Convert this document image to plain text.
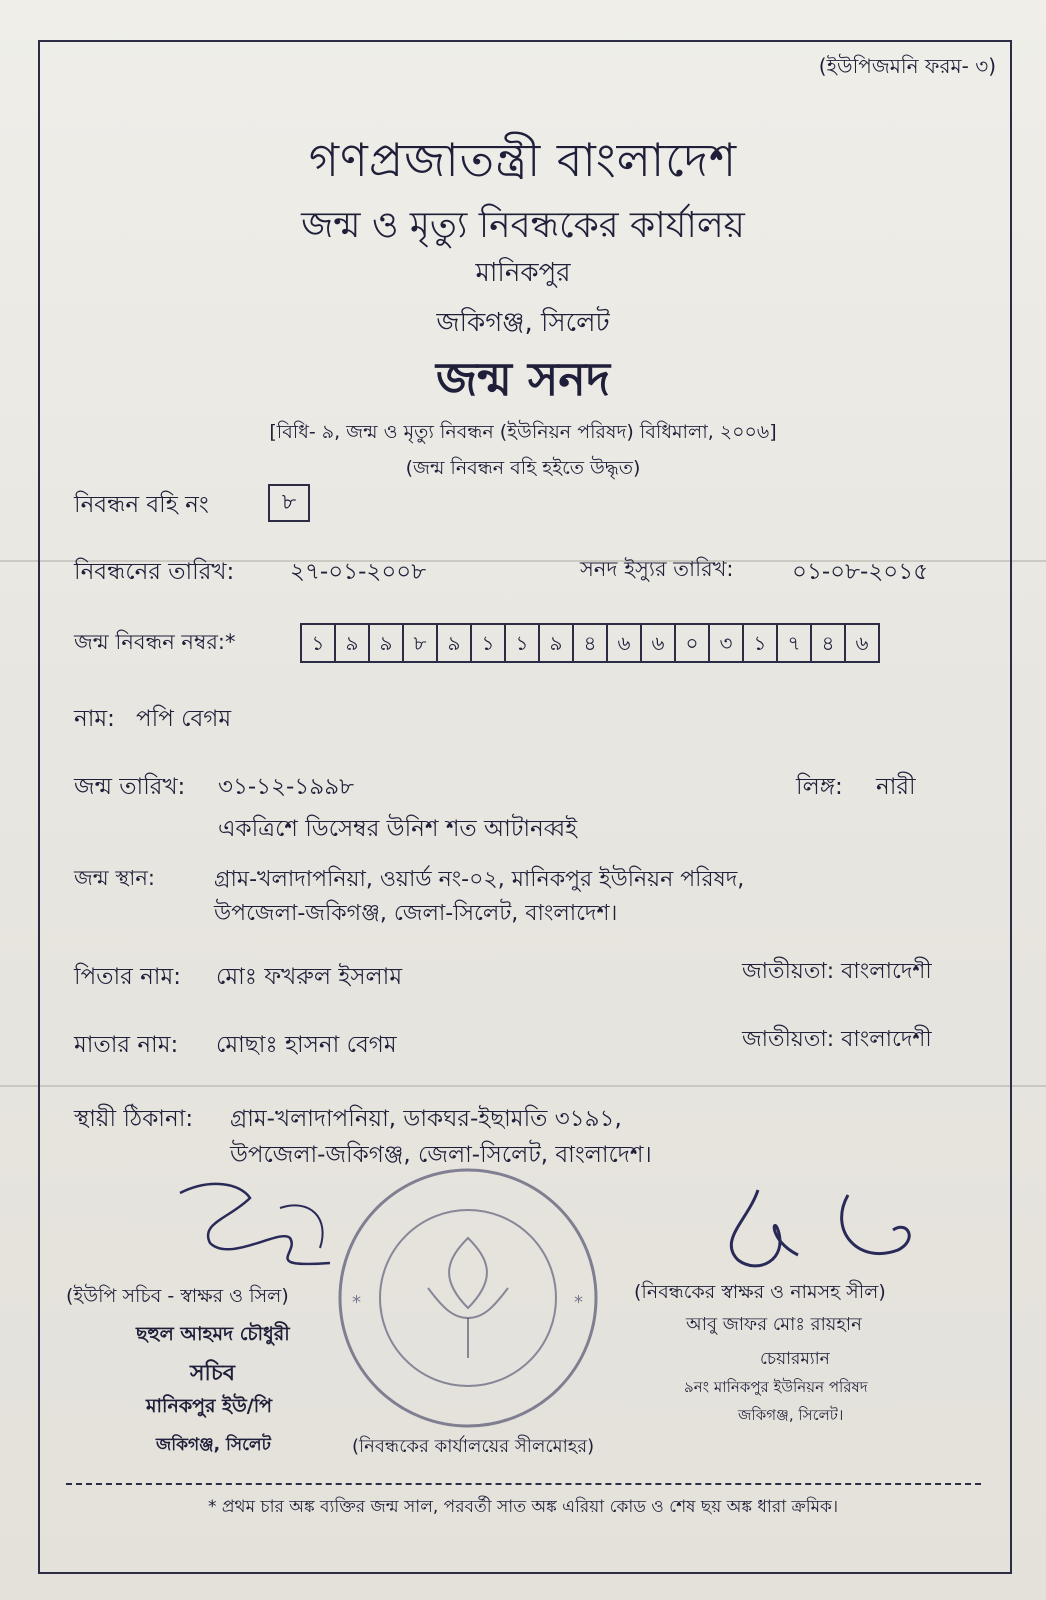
(ইউপিজমনি ফরম- ৩)
গণপ্রজাতন্ত্রী বাংলাদেশ
জন্ম ও মৃত্যু নিবন্ধকের কার্যালয়
মানিকপুর
জকিগঞ্জ, সিলেট
জন্ম সনদ
[বিধি- ৯, জন্ম ও মৃত্যু নিবন্ধন (ইউনিয়ন পরিষদ) বিধিমালা, ২০০৬]
(জন্ম নিবন্ধন বহি হইতে উদ্ধৃত)
নিবন্ধন বহি নং	৮
নিবন্ধনের তারিখ: ২৭-০১-২০০৮	সনদ ইস্যুর তারিখ:	০১-০৮-২০১৫
জন্ম নিবন্ধন নম্বর:*	১	৯	৯	৮	৯	১	১	৯	৪	৬	৬	০	৩	১	৭	৪	৬
নাম: পপি বেগম
জন্ম তারিখ: ৩১-১২-১৯৯৮	লিঙ্গ: নারী
একত্রিশে ডিসেম্বর উনিশ শত আটানব্বই
জন্ম স্থান:	গ্রাম-খলাদাপনিয়া, ওয়ার্ড নং-০২, মানিকপুর ইউনিয়ন পরিষদ,
উপজেলা-জকিগঞ্জ, জেলা-সিলেট, বাংলাদেশ।
পিতার নাম: মোঃ ফখরুল ইসলাম	জাতীয়তা: বাংলাদেশী
মাতার নাম: মোছাঃ হাসনা বেগম	জাতীয়তা: বাংলাদেশী
স্থায়ী ঠিকানা: গ্রাম-খলাদাপনিয়া, ডাকঘর-ইছামতি ৩১৯১,
উপজেলা-জকিগঞ্জ, জেলা-সিলেট, বাংলাদেশ।
(ইউপি সচিব - স্বাক্ষর ও সিল)
ছহুল আহমদ চৌধুরী
সচিব
মানিকপুর ইউ/পি
জকিগঞ্জ, সিলেট
*	*	(নিবন্ধকের স্বাক্ষর ও নামসহ সীল)
আবু জাফর মোঃ রায়হান
চেয়ারম্যান
৯নং মানিকপুর ইউনিয়ন পরিষদ
জকিগঞ্জ, সিলেট।
(নিবন্ধকের কার্যালয়ের সীলমোহর)
* প্রথম চার অঙ্ক ব্যক্তির জন্ম সাল, পরবর্তী সাত অঙ্ক এরিয়া কোড ও শেষ ছয় অঙ্ক ধারা ক্রমিক।
